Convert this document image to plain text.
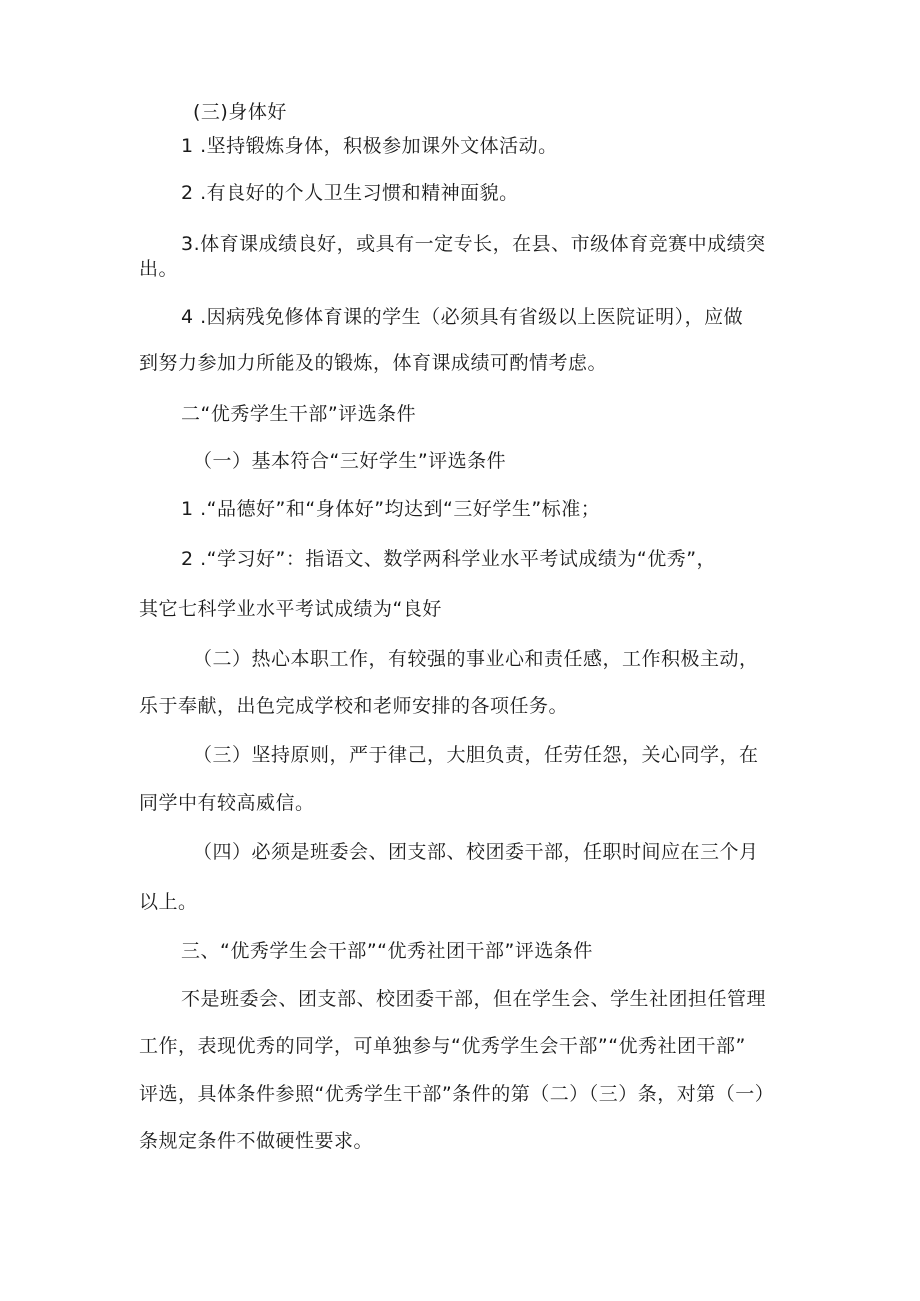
(三)身体好
1 .坚持锻炼身体，积极参加课外文体活动。
2 .有良好的个人卫生习惯和精神面貌。
3.体育课成绩良好，或具有一定专长，在县、市级体育竞赛中成绩突
出。
4 .因病残免修体育课的学生（必须具有省级以上医院证明），应做
到努力参加力所能及的锻炼，体育课成绩可酌情考虑。
二“优秀学生干部”评选条件
（一）基本符合“三好学生”评选条件
1 .“品德好”和“身体好”均达到“三好学生”标准；
2 .“学习好”：指语文、数学两科学业水平考试成绩为“优秀”，
其它七科学业水平考试成绩为“良好
（二）热心本职工作，有较强的事业心和责任感，工作积极主动，
乐于奉献，出色完成学校和老师安排的各项任务。
（三）坚持原则，严于律己，大胆负责，任劳任怨，关心同学，在
同学中有较高威信。
（四）必须是班委会、团支部、校团委干部，任职时间应在三个月
以上。
三、“优秀学生会干部”“优秀社团干部”评选条件
不是班委会、团支部、校团委干部，但在学生会、学生社团担任管理
工作，表现优秀的同学，可单独参与“优秀学生会干部”“优秀社团干部”
评选，具体条件参照“优秀学生干部”条件的第（二）（三）条，对第（一）
条规定条件不做硬性要求。
